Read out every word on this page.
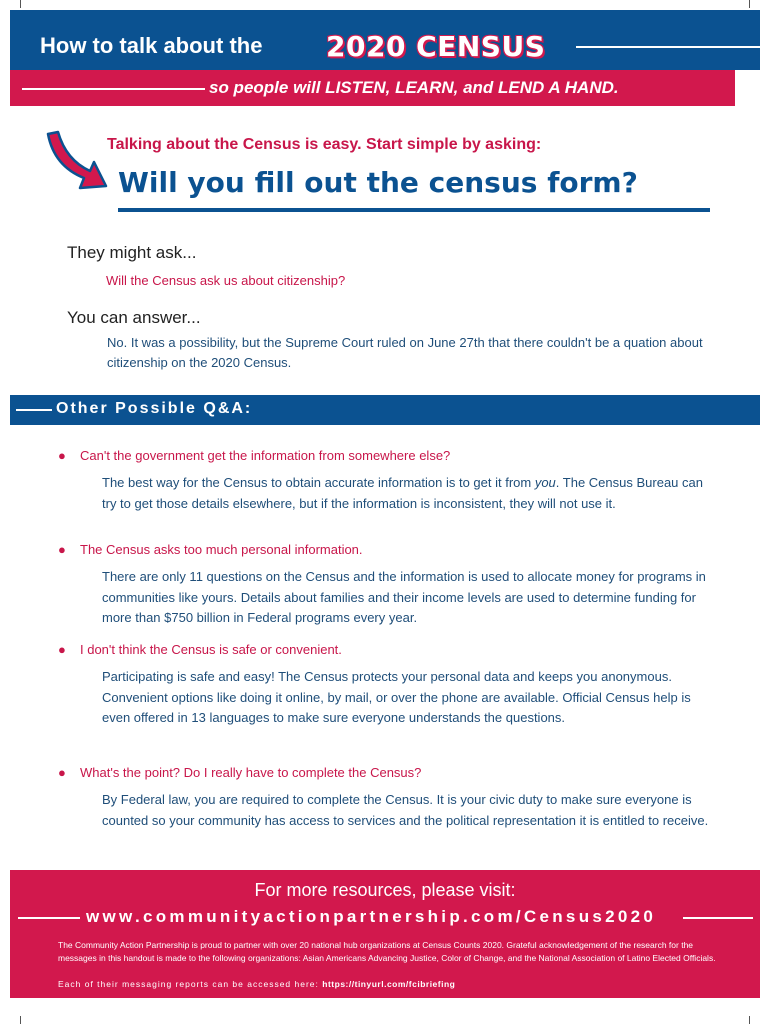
How to talk about the 2020 CENSUS
so people will LISTEN, LEARN, and LEND A HAND.
Talking about the Census is easy. Start simple by asking:
Will you fill out the census form?
They might ask...
Will the Census ask us about citizenship?
You can answer...
No. It was a possibility, but the Supreme Court ruled on June 27th that there couldn't be a quation about citizenship on the 2020 Census.
Other Possible Q&A:
● Can't the government get the information from somewhere else?
The best way for the Census to obtain accurate information is to get it from you. The Census Bureau can try to get those details elsewhere, but if the information is inconsistent, they will not use it.
● The Census asks too much personal information.
There are only 11 questions on the Census and the information is used to allocate money for programs in communities like yours. Details about families and their income levels are used to determine funding for more than $750 billion in Federal programs every year.
● I don't think the Census is safe or convenient.
Participating is safe and easy! The Census protects your personal data and keeps you anonymous. Convenient options like doing it online, by mail, or over the phone are available. Official Census help is even offered in 13 languages to make sure everyone understands the questions.
● What's the point? Do I really have to complete the Census?
By Federal law, you are required to complete the Census. It is your civic duty to make sure everyone is counted so your community has access to services and the political representation it is entitled to receive.
For more resources, please visit:
www.communityactionpartnership.com/Census2020
The Community Action Partnership is proud to partner with over 20 national hub organizations at Census Counts 2020. Grateful acknowledgement of the research for the messages in this handout is made to the following organizations: Asian Americans Advancing Justice, Color of Change, and the National Association of Latino Elected Officials.
Each of their messaging reports can be accessed here: https://tinyurl.com/fcibriefing
